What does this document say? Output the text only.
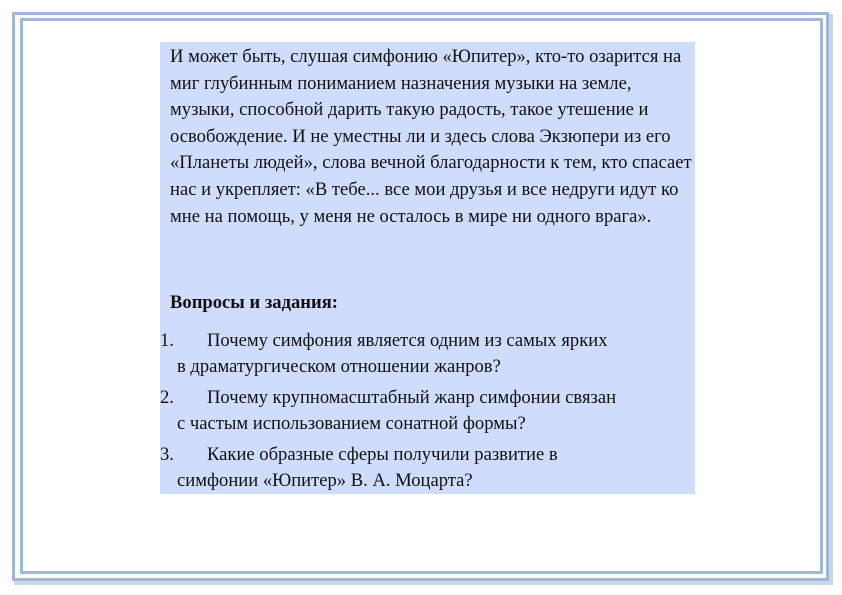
И может быть, слушая симфонию «Юпитер», кто-то озарится на миг глубинным пониманием назначения музыки на земле, музыки, способной дарить такую радость, такое утешение и освобождение. И не уместны ли и здесь слова Экзюпери из его «Планеты людей», слова вечной благодарности к тем, кто спасает нас и укрепляет: «В тебе... все мои друзья и все недруги идут ко мне на помощь, у меня не осталось в мире ни одного врага».

Вопросы и задания:

1. Почему симфония является одним из самых ярких
в драматургическом отношении жанров?
2. Почему крупномасштабный жанр симфонии связан
с частым использованием сонатной формы?
3. Какие образные сферы получили развитие в
симфонии «Юпитер» В. А. Моцарта?
